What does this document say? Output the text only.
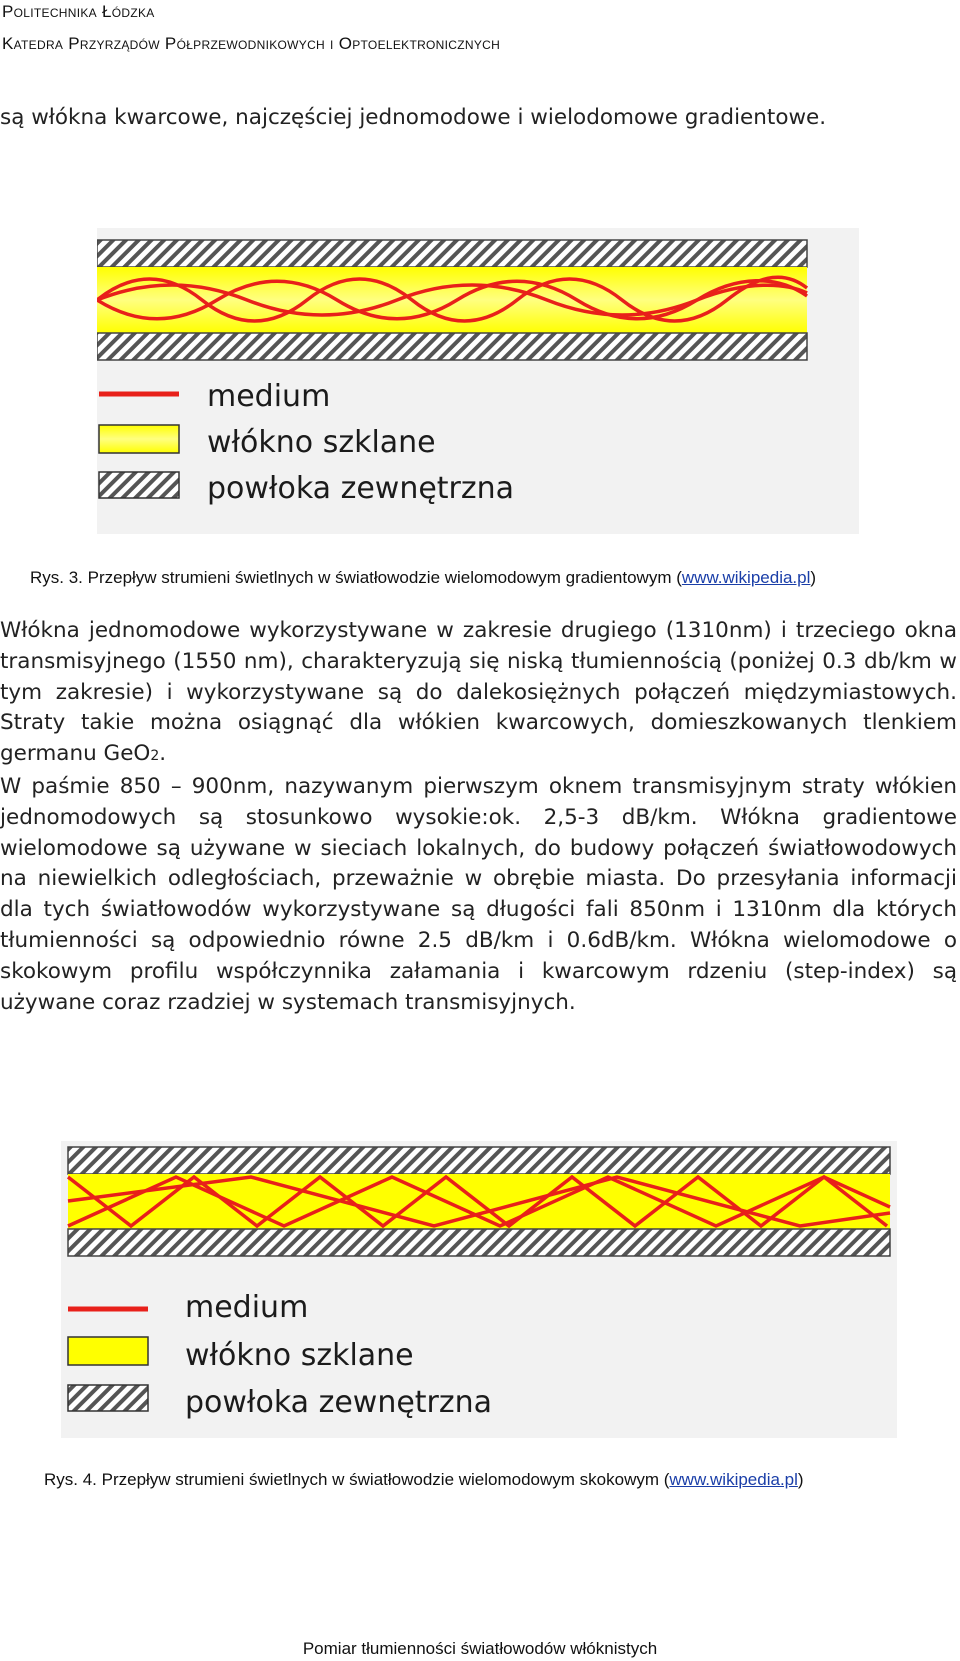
Politechnika Łódzka
Katedra Przyrządów Półprzewodnikowych i Optoelektronicznych
są włókna kwarcowe, najczęściej jednomodowe i wielodomowe gradientowe.
medium
włókno szklane
powłoka zewnętrzna
Rys. 3. Przepływ strumieni świetlnych w światłowodzie wielomodowym gradientowym (www.wikipedia.pl)
Włókna jednomodowe wykorzystywane w zakresie drugiego (1310nm) i trzeciego okna transmisyjnego (1550 nm), charakteryzują się niską tłumiennością (poniżej 0.3 db/km w tym zakresie) i wykorzystywane są do dalekosiężnych połączeń międzymiastowych. Straty takie można osiągnąć dla włókien kwarcowych, domieszkowanych tlenkiem germanu GeO2.
W paśmie 850 – 900nm, nazywanym pierwszym oknem transmisyjnym straty włókien jednomodowych są stosunkowo wysokie:ok. 2,5-3 dB/km. Włókna gradientowe wielomodowe są używane w sieciach lokalnych, do budowy połączeń światłowodowych na niewielkich odległościach, przeważnie w obrębie miasta. Do przesyłania informacji dla tych światłowodów wykorzystywane są długości fali 850nm i 1310nm dla których tłumienności są odpowiednio równe 2.5 dB/km i 0.6dB/km. Włókna wielomodowe o skokowym profilu współczynnika załamania i kwarcowym rdzeniu (step-index) są używane coraz rzadziej w systemach transmisyjnych.
medium
włókno szklane
powłoka zewnętrzna
Rys. 4. Przepływ strumieni świetlnych w światłowodzie wielomodowym skokowym (www.wikipedia.pl)
Pomiar tłumienności światłowodów włóknistych
